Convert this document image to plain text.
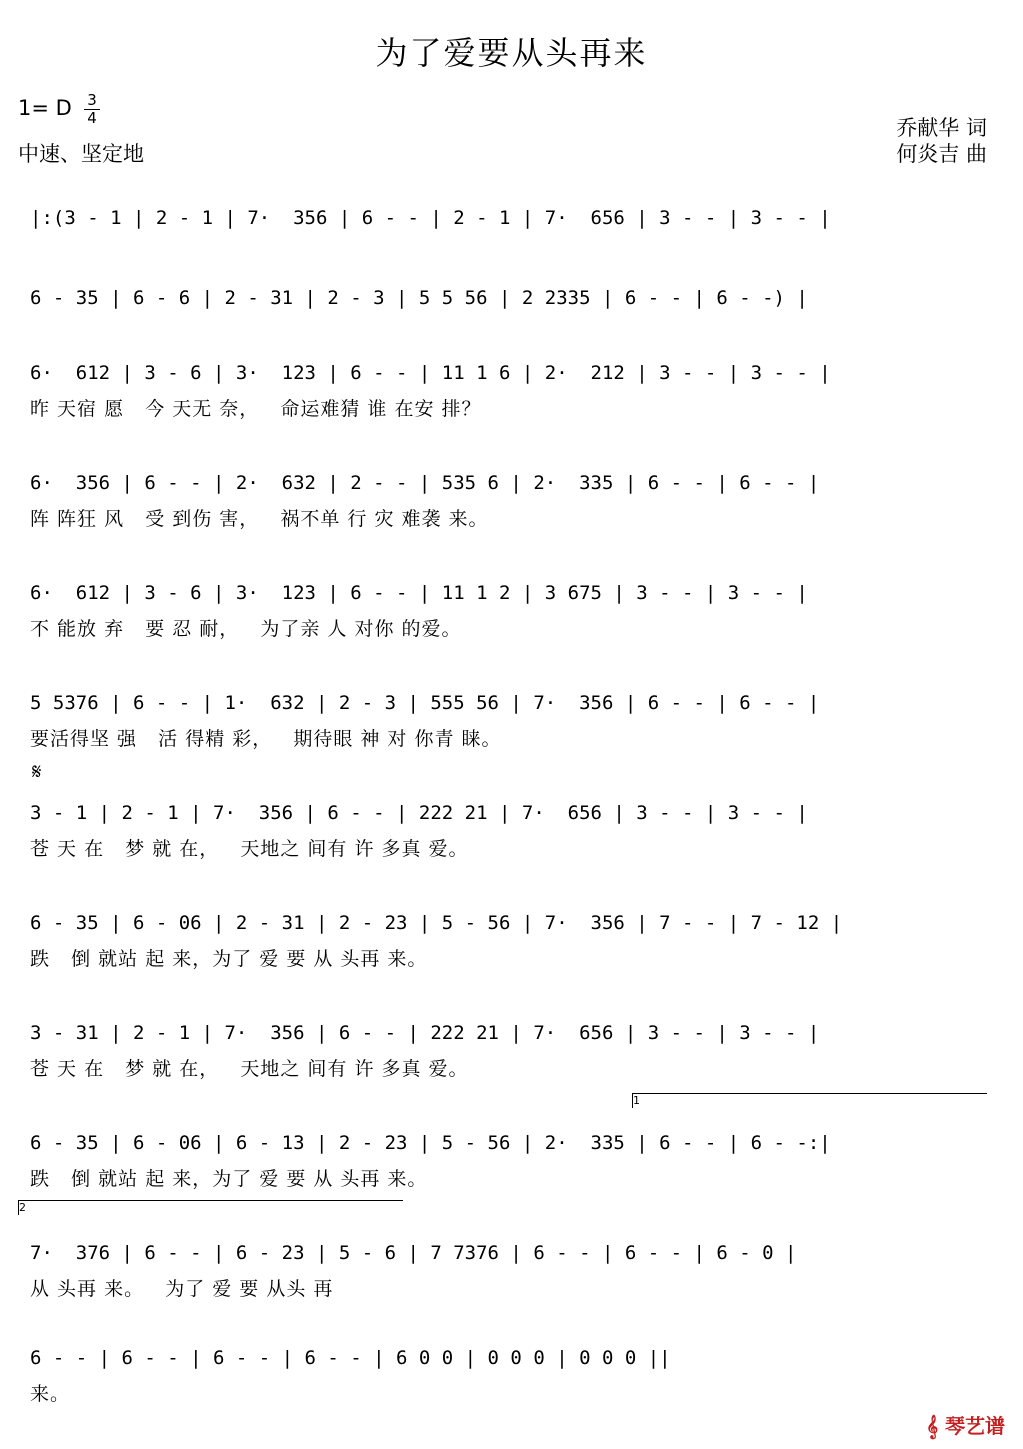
为了爱要从头再来
1= D 3
4
中速、坚定地
乔献华 词
何炎吉 曲
𝄋
|:(3 - 1 | 2 - 1 | 7·  356 | 6 - - | 2 - 1 | 7·  656 | 3 - - | 3 - - |
6 - 35 | 6 - 6 | 2 - 31 | 2 - 3 | 5 5 56 | 2 2335 | 6 - - | 6 - -) |
6·  612 | 3 - 6 | 3·  123 | 6 - - | 11 1 6 | 2·  212 | 3 - - | 3 - - |
昨 天宿 愿   今 天无 奈，   命运难猜 谁 在安 排？
6·  356 | 6 - - | 2·  632 | 2 - - | 535 6 | 2·  335 | 6 - - | 6 - - |
阵 阵狂 风   受 到伤 害，   祸不单 行 灾 难袭 来。
6·  612 | 3 - 6 | 3·  123 | 6 - - | 11 1 2 | 3 675 | 3 - - | 3 - - |
不 能放 弃   要 忍 耐，   为了亲 人 对你 的爱。
5 5376 | 6 - - | 1·  632 | 2 - 3 | 555 56 | 7·  356 | 6 - - | 6 - - |
要活得坚 强   活 得精 彩，   期待眼 神 对 你青 睐。
3 - 1 | 2 - 1 | 7·  356 | 6 - - | 222 21 | 7·  656 | 3 - - | 3 - - |
苍 天 在   梦 就 在，   天地之 间有 许 多真 爱。
6 - 35 | 6 - 06 | 2 - 31 | 2 - 23 | 5 - 56 | 7·  356 | 7 - - | 7 - 12 |
跌   倒 就站 起 来，为了 爱 要 从 头再 来。
3 - 31 | 2 - 1 | 7·  356 | 6 - - | 222 21 | 7·  656 | 3 - - | 3 - - |
苍 天 在   梦 就 在，   天地之 间有 许 多真 爱。
6 - 35 | 6 - 06 | 6 - 13 | 2 - 23 | 5 - 56 | 2·  335 | 6 - - | 6 - -:|
跌   倒 就站 起 来，为了 爱 要 从 头再 来。
7·  376 | 6 - - | 6 - 23 | 5 - 6 | 7 7376 | 6 - - | 6 - - | 6 - 0 |
从 头再 来。   为了 爱 要 从头 再
6 - - | 6 - - | 6 - - | 6 - - | 6 0 0 | 0 0 0 | 0 0 0 ||
来。
1
2
𝄞 琴艺谱
